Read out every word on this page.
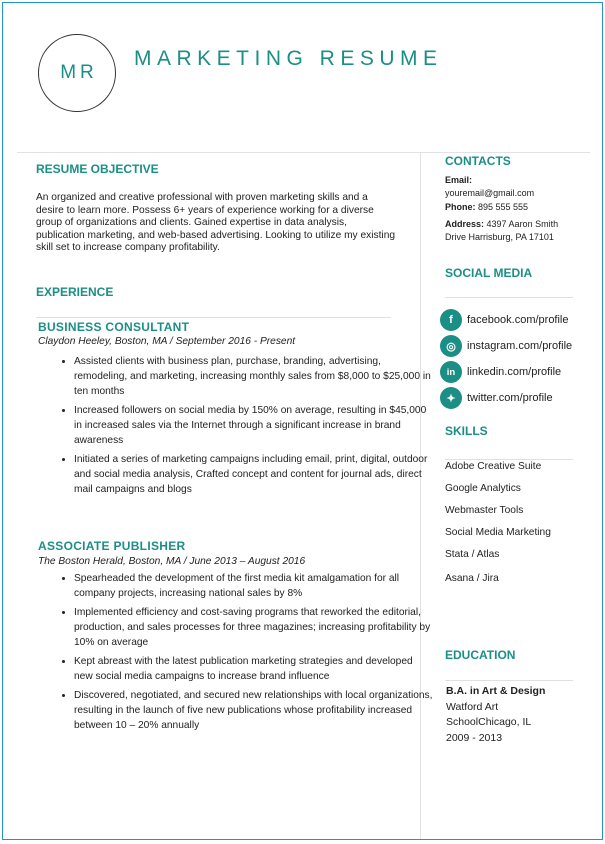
MR
MARKETING RESUME
RESUME OBJECTIVE
An organized and creative professional with proven marketing skills and a desire to learn more. Possess 6+ years of experience working for a diverse group of organizations and clients. Gained expertise in data analysis, publication marketing, and web-based advertising. Looking to utilize my existing skill set to increase company profitability.
EXPERIENCE
BUSINESS CONSULTANT
Claydon Heeley, Boston, MA / September 2016 - Present
• Assisted clients with business plan, purchase, branding, advertising, remodeling, and marketing, increasing monthly sales from $8,000 to $25,000 in ten months
• Increased followers on social media by 150% on average, resulting in $45,000 in increased sales via the Internet through a significant increase in brand awareness
• Initiated a series of marketing campaigns including email, print, digital, outdoor and social media analysis, Crafted concept and content for journal ads, direct mail campaigns and blogs
ASSOCIATE PUBLISHER
The Boston Herald, Boston, MA / June 2013 – August 2016
• Spearheaded the development of the first media kit amalgamation for all company projects, increasing national sales by 8%
• Implemented efficiency and cost-saving programs that reworked the editorial, production, and sales processes for three magazines; increasing profitability by 10% on average
• Kept abreast with the latest publication marketing strategies and developed new social media campaigns to increase brand influence
• Discovered, negotiated, and secured new relationships with local organizations, resulting in the launch of five new publications whose profitability increased between 10 – 20% annually
CONTACTS
Email:
youremail@gmail.com
Phone: 895 555 555
Address: 4397 Aaron Smith
Drive Harrisburg, PA 17101
SOCIAL MEDIA
f	facebook.com/profile
◎	instagram.com/profile
in	linkedin.com/profile
✦	twitter.com/profile
SKILLS
Adobe Creative Suite
Google Analytics
Webmaster Tools
Social Media Marketing
Stata / Atlas
Asana / Jira
EDUCATION
B.A. in Art & Design
Watford Art
SchoolChicago, IL
2009 - 2013
